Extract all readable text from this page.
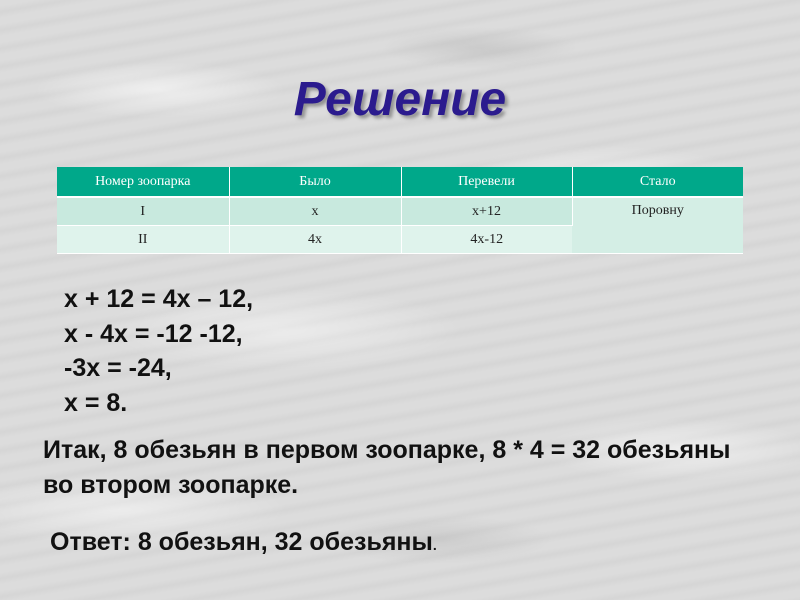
Решение
Номер зоопарка	Было	Перевели	Стало
I	x	x+12	Поровну
II	4x	4x-12	
x + 12 = 4x – 12,
x - 4x = -12 -12,
-3x = -24,
x = 8.
Итак, 8 обезьян в первом зоопарке, 8 * 4 = 32 обезьяны во втором зоопарке.
Ответ: 8 обезьян, 32 обезьяны.
